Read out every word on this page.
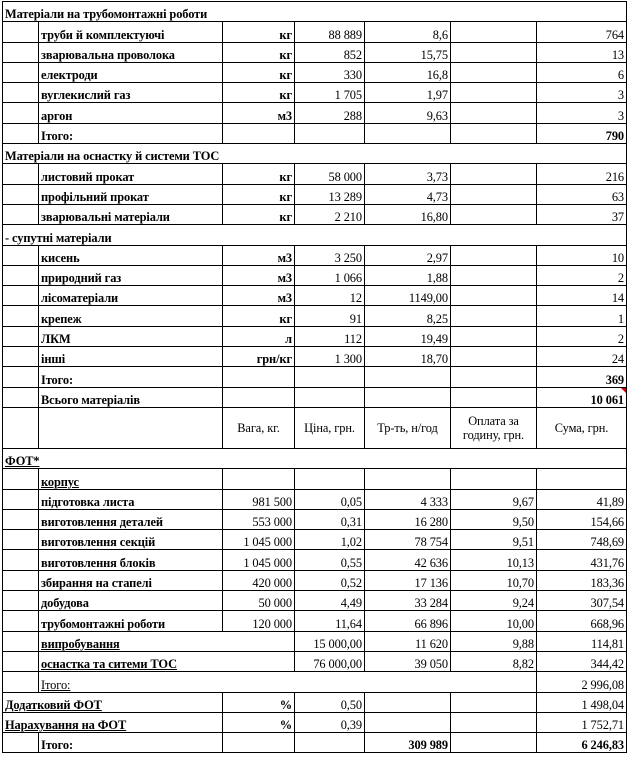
Матеріали на трубомонтажні роботи						
	труби й комплектуючі	кг	88 889	8,6		764
	зварювальна проволока	кг	852	15,75		13
	електроди	кг	330	16,8		6
	вуглекислий газ	кг	1 705	1,97		3
	аргон	м3	288	9,63		3
	Ітого:					790
Матеріали на оснастку й системи ТОС						
	листовий прокат	кг	58 000	3,73		216
	профільний прокат	кг	13 289	4,73		63
	зварювальні матеріали	кг	2 210	16,80		37
- супутні матеріали						
	кисень	м3	3 250	2,97		10
	природний газ	м3	1 066	1,88		2
	лісоматеріали	м3	12	1149,00		14
	крепеж	кг	91	8,25		1
	ЛКМ	л	112	19,49		2
	інші	грн/кг	1 300	18,70		24
	Ітого:					369
	Всього матеріалів					10 061
		Вага, кг.	Ціна, грн.	Тр-ть, н/год	Оплата за годину, грн.	Сума, грн.
ФОТ*						
	корпус					
	підготовка листа	981 500	0,05	4 333	9,67	41,89
	виготовлення деталей	553 000	0,31	16 280	9,50	154,66
	виготовлення секцій	1 045 000	1,02	78 754	9,51	748,69
	виготовлення блоків	1 045 000	0,55	42 636	10,13	431,76
	збирання на стапелі	420 000	0,52	17 136	10,70	183,36
	добудова	50 000	4,49	33 284	9,24	307,54
	трубомонтажні роботи	120 000	11,64	66 896	10,00	668,96
	випробування		15 000,00	11 620	9,88	114,81
	оснастка та ситеми ТОС		76 000,00	39 050	8,82	344,42
	Ітого:					2 996,08
Додатковий ФОТ		%	0,50			1 498,04
Нарахування на ФОТ		%	0,39			1 752,71
	Ітого:			309 989		6 246,83
